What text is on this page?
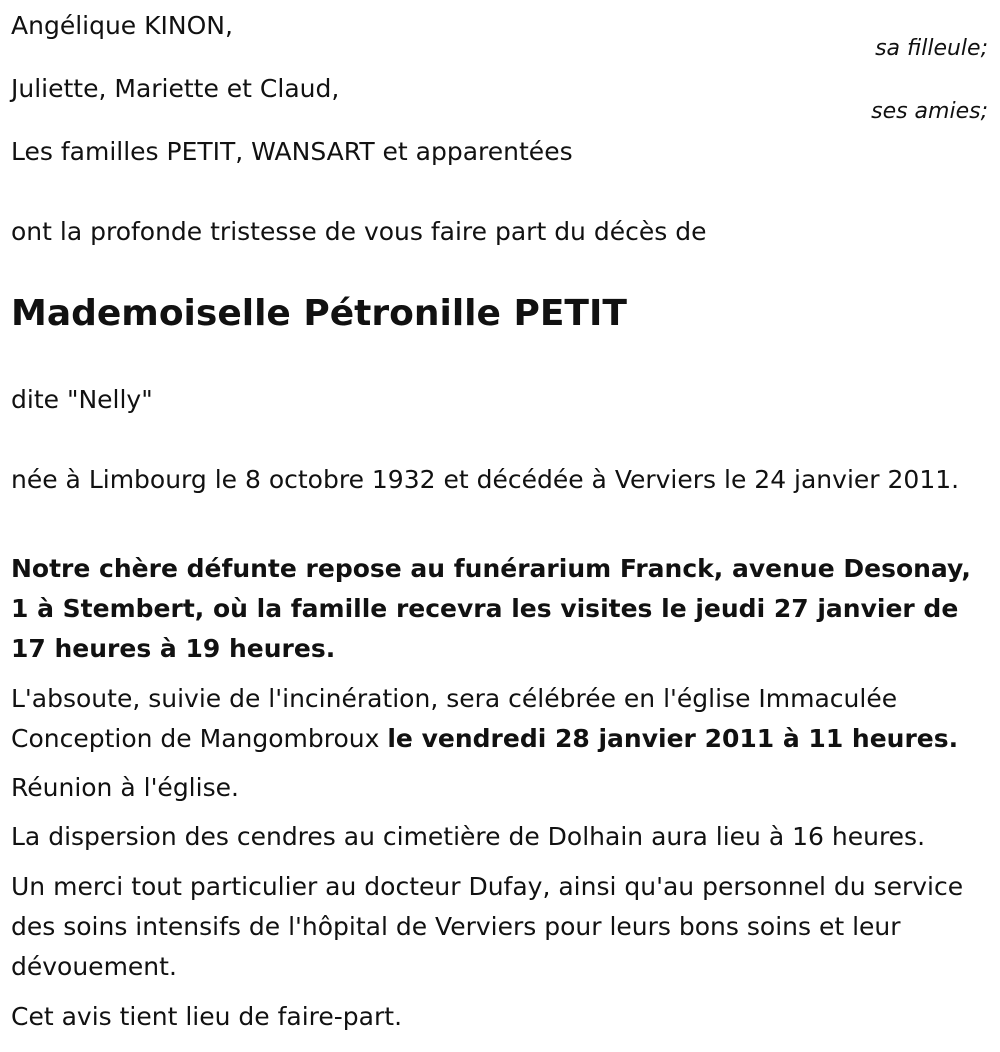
Angélique KINON,
sa filleule;
Juliette, Mariette et Claud,
ses amies;
Les familles PETIT, WANSART et apparentées
ont la profonde tristesse de vous faire part du décès de
Mademoiselle Pétronille PETIT
dite "Nelly"
née à Limbourg le 8 octobre 1932 et décédée à Verviers le 24 janvier 2011.
Notre chère défunte repose au funérarium Franck, avenue Desonay, 1 à Stembert, où la famille recevra les visites le jeudi 27 janvier de 17 heures à 19 heures.
L'absoute, suivie de l'incinération, sera célébrée en l'église Immaculée Conception de Mangombroux le vendredi 28 janvier 2011 à 11 heures.
Réunion à l'église.
La dispersion des cendres au cimetière de Dolhain aura lieu à 16 heures.
Un merci tout particulier au docteur Dufay, ainsi qu'au personnel du service des soins intensifs de l'hôpital de Verviers pour leurs bons soins et leur dévouement.
Cet avis tient lieu de faire-part.
